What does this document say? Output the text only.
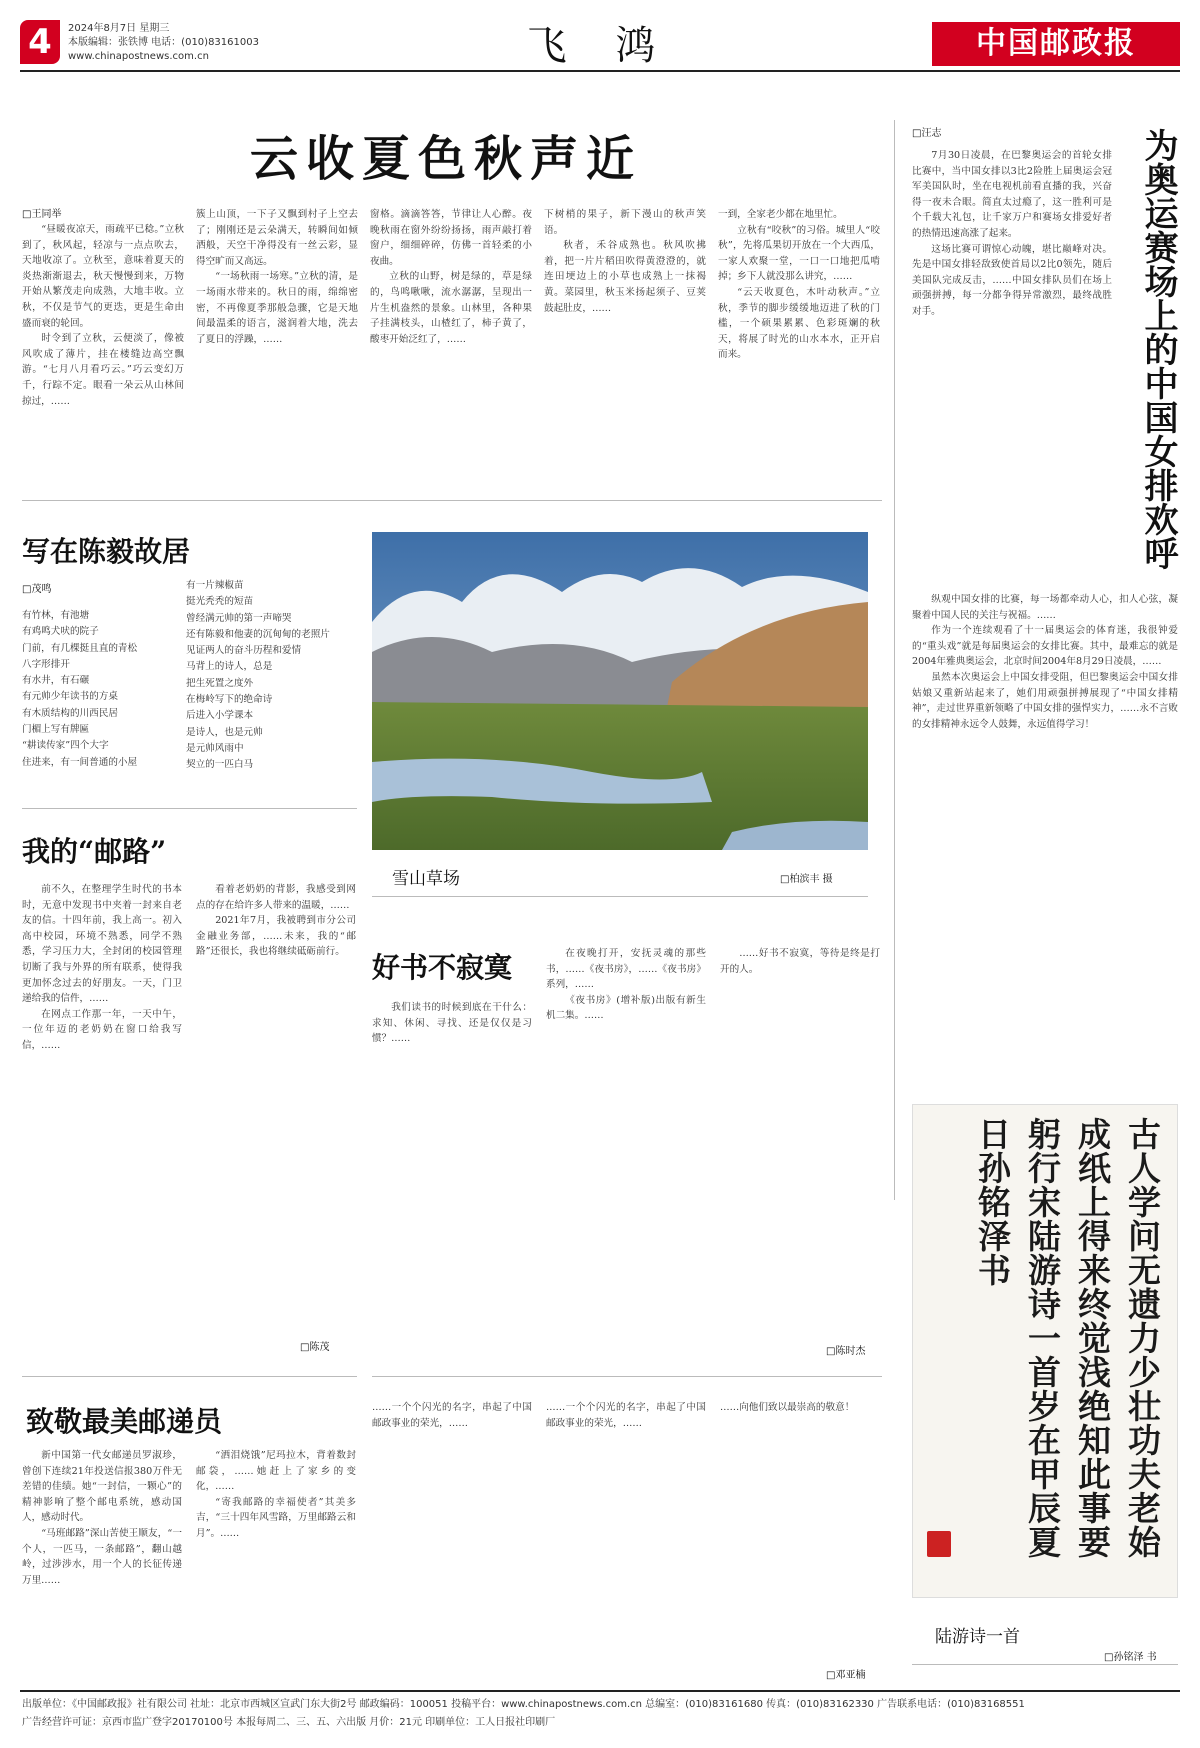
4	2024年8月7日 星期三
本版编辑：张铁博 电话：(010)83161003
www.chinapostnews.com.cn	飞 鸿	中国邮政报
云收夏色秋声近
□王同举

“昼暖夜凉天，雨疏平已稔。”立秋到了，秋风起，轻凉与一点点吹去，天地收凉了。立秋至，意味着夏天的炎热渐渐退去，秋天慢慢到来，万物开始从繁茂走向成熟，大地丰收。立秋，不仅是节气的更迭，更是生命由盛而衰的轮回。

时令到了立秋，云便淡了，像被风吹成了薄片，挂在楼缝边高空飘游。“七月八月看巧云。”巧云变幻万千，行踪不定。眼看一朵云从山林间掠过，……

簇上山顶，一下子又飘到村子上空去了；刚刚还是云朵满天，转瞬间如倾洒般，天空干净得没有一丝云彩，显得空旷而又高远。

“一场秋雨一场寒。”立秋的清，是一场雨水带来的。秋日的雨，绵绵密密，不再像夏季那般急骤，它是天地间最温柔的语言，滋润着大地，洗去了夏日的浮躁，……

窗格。滴滴答答，节律让人心醉。夜晚秋雨在窗外纷纷扬扬，雨声敲打着窗户，细细碎碎，仿佛一首轻柔的小夜曲。

立秋的山野，树是绿的，草是绿的，鸟鸣啾啾，流水潺潺，呈现出一片生机盎然的景象。山林里，各种果子挂满枝头，山楂红了，柿子黄了，酸枣开始泛红了，……

下树梢的果子，新下漫山的秋声笑语。

秋者，禾谷成熟也。秋风吹拂着，把一片片稻田吹得黄澄澄的，就连田埂边上的小草也成熟上一抹褐黄。菜园里，秋玉米扬起须子、豆荚鼓起肚皮，……

一到，全家老少都在地里忙。

立秋有“咬秋”的习俗。城里人“咬秋”，先将瓜果切开放在一个大西瓜，一家人欢聚一堂，一口一口地把瓜啃掉；乡下人就没那么讲究，……

“云天收夏色，木叶动秋声。”立秋，季节的脚步缓缓地迈进了秋的门槛，一个硕果累累、色彩斑斓的秋天，将展了时光的山水本水，正开启而来。

□汪志	为奥运赛场上的中国女排欢呼

7月30日凌晨，在巴黎奥运会的首轮女排比赛中，当中国女排以3比2险胜上届奥运会冠军美国队时，坐在电视机前看直播的我，兴奋得一夜未合眼。简直太过瘾了，这一胜利可是个千载大礼包，让千家万户和赛场女排爱好者的热情迅速高涨了起来。

这场比赛可谓惊心动魄，堪比巅峰对决。先是中国女排轻敌致使首局以2比0领先，随后美国队完成反击，……中国女排队员们在场上顽强拼搏，每一分都争得异常激烈，最终战胜对手。

纵观中国女排的比赛，每一场都牵动人心，扣人心弦，凝聚着中国人民的关注与祝福。……

作为一个连续观看了十一届奥运会的体育迷，我很钟爱的“重头戏”就是每届奥运会的女排比赛。其中，最难忘的就是2004年雅典奥运会，北京时间2004年8月29日凌晨，……

虽然本次奥运会上中国女排受阻，但巴黎奥运会中国女排姑娘又重新站起来了，她们用顽强拼搏展现了“中国女排精神”，走过世界重新领略了中国女排的强悍实力，……永不言败的女排精神永远令人鼓舞，永远值得学习！

写在陈毅故居
□茂鸣
有竹林，有池塘
有鸡鸣犬吠的院子
门前，有几棵挺且直的青松
八字形排开
有水井，有石碾
有元帅少年读书的方桌
有木质结构的川西民居
门楣上写有牌匾
“耕读传家”四个大字
住进来，有一间普通的小屋
有一片辣椒苗
挺光秃秃的短苗
曾经满元帅的第一声啼哭
还有陈毅和他妻的沉甸甸的老照片
见证两人的奋斗历程和爱情
马背上的诗人，总是
把生死置之度外
在梅岭写下的绝命诗
后进入小学课本
是诗人，也是元帅
是元帅风雨中
契立的一匹白马
雪山草场	□柏滨丰 摄
我的“邮路”

前不久，在整理学生时代的书本时，无意中发现书中夹着一封来自老友的信。十四年前，我上高一。初入高中校园，环境不熟悉，同学不熟悉，学习压力大，全封闭的校园管理切断了我与外界的所有联系，使得我更加怀念过去的好朋友。一天，门卫递给我的信件，……

在网点工作那一年，一天中午，一位年迈的老奶奶在窗口给我写信，……

看着老奶奶的背影，我感受到网点的存在给许多人带来的温暖，……

2021年7月，我被聘到市分公司金融业务部，……未来，我的“邮路”还很长，我也将继续砥砺前行。

□陈茂
好书不寂寞

我们读书的时候到底在干什么：求知、休闲、寻找、还是仅仅是习惯？……

在夜晚打开，安抚灵魂的那些书，……《夜书房》，……《夜书房》系列，……

《夜书房》(增补版)出版有新生机二集。……

……好书不寂寞，等待是终是打开的人。

□陈时杰
致敬最美邮递员

新中国第一代女邮递员罗淑珍，曾创下连续21年投送信报380万件无差错的佳绩。她“一封信，一颗心”的精神影响了整个邮电系统，感动国人，感动时代。

“马班邮路”深山苦使王顺友，“一个人，一匹马，一条邮路”，翻山越岭，过涉涉水，用一个人的长征传递万里……

“洒泪烧饿”尼玛拉木，背着数封邮袋，……她赶上了家乡的变化，……

“寄我邮路的幸福使者”其美多吉，“三十四年风雪路，万里邮路云和月”。……

……一个个闪光的名字，串起了中国邮政事业的荣光，……

……一个个闪光的名字，串起了中国邮政事业的荣光，……

……向他们致以最崇高的敬意！

□邓亚楠
古人学问无遗力少壮功夫老始成纸上得来终觉浅绝知此事要躬行宋陆游诗一首岁在甲辰夏日孙铭泽书
陆游诗一首
□孙铭泽 书
出版单位：《中国邮政报》社有限公司 社址：北京市西城区宣武门东大街2号 邮政编码：100051 投稿平台：www.chinapostnews.com.cn 总编室：(010)83161680 传真：(010)83162330 广告联系电话：(010)83168551
广告经营许可证：京西市监广登字20170100号 本报每周二、三、五、六出版 月价：21元 印刷单位：工人日报社印刷厂
